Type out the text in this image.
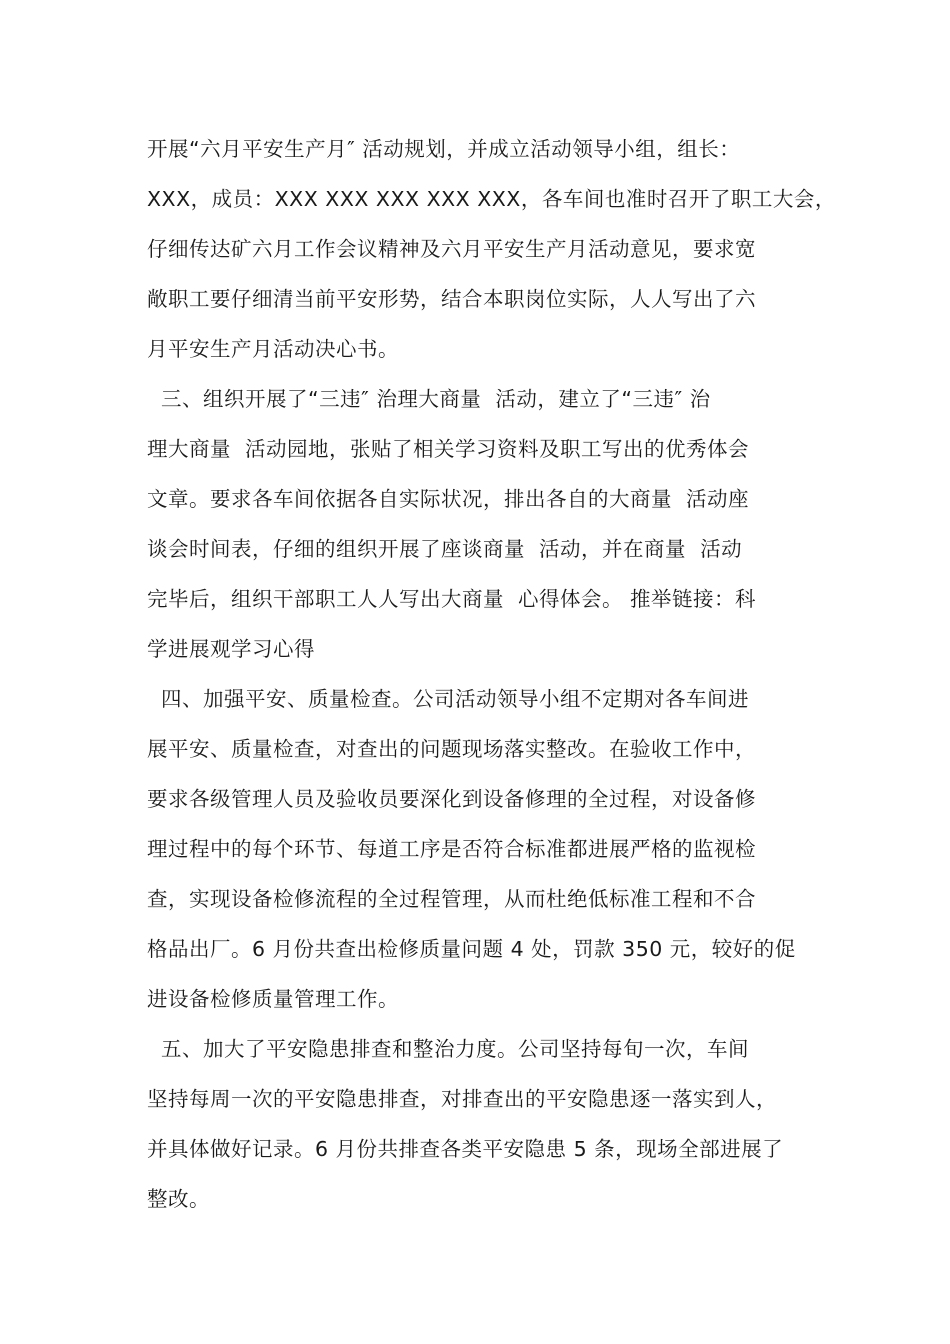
开展“六月平安生产月″ 活动规划，并成立活动领导小组，组长：
XXX，成员：XXX XXX XXX XXX XXX，各车间也准时召开了职工大会，
仔细传达矿六月工作会议精神及六月平安生产月活动意见，要求宽
敞职工要仔细清当前平安形势，结合本职岗位实际，人人写出了六
月平安生产月活动决心书。
三、组织开展了“三违″ 治理大商量  活动，建立了“三违″ 治
理大商量  活动园地，张贴了相关学习资料及职工写出的优秀体会
文章。要求各车间依据各自实际状况，排出各自的大商量  活动座
谈会时间表，仔细的组织开展了座谈商量  活动，并在商量  活动
完毕后，组织干部职工人人写出大商量  心得体会。 推举链接：科
学进展观学习心得
四、加强平安、质量检查。公司活动领导小组不定期对各车间进
展平安、质量检查，对查出的问题现场落实整改。在验收工作中，
要求各级管理人员及验收员要深化到设备修理的全过程，对设备修
理过程中的每个环节、每道工序是否符合标准都进展严格的监视检
查，实现设备检修流程的全过程管理，从而杜绝低标准工程和不合
格品出厂。6 月份共查出检修质量问题 4 处，罚款 350 元，较好的促
进设备检修质量管理工作。
五、加大了平安隐患排查和整治力度。公司坚持每旬一次，车间
坚持每周一次的平安隐患排查，对排查出的平安隐患逐一落实到人，
并具体做好记录。6 月份共排查各类平安隐患 5 条，现场全部进展了
整改。
